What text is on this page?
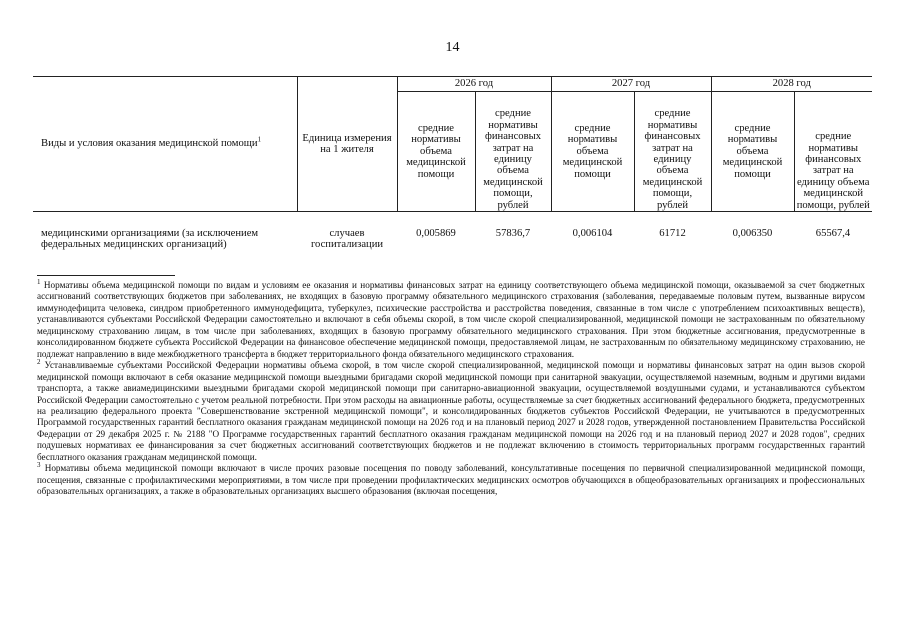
14
Виды и условия оказания медицинской помощи$^1$	Единица измерения на 1 жителя	2026 год		2027 год		2028 год	
		средние нормативы объема медицинской помощи	средние нормативы финансовых затрат на единицу объема медицинской помощи, рублей	средние нормативы объема медицинской помощи	средние нормативы финансовых затрат на единицу объема медицинской помощи, рублей	средние нормативы объема медицинской помощи	средние нормативы финансовых затрат на единицу объема медицинской помощи, рублей
медицинскими организациями (за исключением федеральных медицинских организаций)	случаев госпитализации	0,005869	57836,7	0,006104	61712	0,006350	65567,4

$^1$ Нормативы объема медицинской помощи по видам и условиям ее оказания и нормативы финансовых затрат на единицу соответствующего объема медицинской помощи, оказываемой за счет бюджетных ассигнований соответствующих бюджетов при заболеваниях, не входящих в базовую программу обязательного медицинского страхования (заболевания, передаваемые половым путем, вызванные вирусом иммунодефицита человека, синдром приобретенного иммунодефицита, туберкулез, психические расстройства и расстройства поведения, связанные в том числе с употреблением психоактивных веществ), устанавливаются субъектами Российской Федерации самостоятельно и включают в себя объемы скорой, в том числе скорой специализированной, медицинской помощи не застрахованным по обязательному медицинскому страхованию лицам, в том числе при заболеваниях, входящих в базовую программу обязательного медицинского страхования. При этом бюджетные ассигнования, предусмотренные в консолидированном бюджете субъекта Российской Федерации на финансовое обеспечение медицинской помощи, предоставляемой лицам, не застрахованным по обязательному медицинскому страхованию, не подлежат направлению в виде межбюджетного трансферта в бюджет территориального фонда обязательного медицинского страхования.

$^2$ Устанавливаемые субъектами Российской Федерации нормативы объема скорой, в том числе скорой специализированной, медицинской помощи и нормативы финансовых затрат на один вызов скорой медицинской помощи включают в себя оказание медицинской помощи выездными бригадами скорой медицинской помощи при санитарной эвакуации, осуществляемой наземным, водным и другими видами транспорта, а также авиамедицинскими выездными бригадами скорой медицинской помощи при санитарно-авиационной эвакуации, осуществляемой воздушными судами, и устанавливаются субъектом Российской Федерации самостоятельно с учетом реальной потребности. При этом расходы на авиационные работы, осуществляемые за счет бюджетных ассигнований федерального бюджета, предусмотренных на реализацию федерального проекта "Совершенствование экстренной медицинской помощи", и консолидированных бюджетов субъектов Российской Федерации, не учитываются в предусмотренных Программой государственных гарантий бесплатного оказания гражданам медицинской помощи на 2026 год и на плановый период 2027 и 2028 годов, утвержденной постановлением Правительства Российской Федерации от 29 декабря 2025 г. № 2188 "О Программе государственных гарантий бесплатного оказания гражданам медицинской помощи на 2026 год и на плановый период 2027 и 2028 годов", средних подушевых нормативах ее финансирования за счет бюджетных ассигнований соответствующих бюджетов и не подлежат включению в стоимость территориальных программ государственных гарантий бесплатного оказания гражданам медицинской помощи.

$^3$ Нормативы объема медицинской помощи включают в числе прочих разовые посещения по поводу заболеваний, консультативные посещения по первичной специализированной медицинской помощи, посещения, связанные с профилактическими мероприятиями, в том числе при проведении профилактических медицинских осмотров обучающихся в общеобразовательных организациях и профессиональных образовательных организациях, а также в образовательных организациях высшего образования (включая посещения,
